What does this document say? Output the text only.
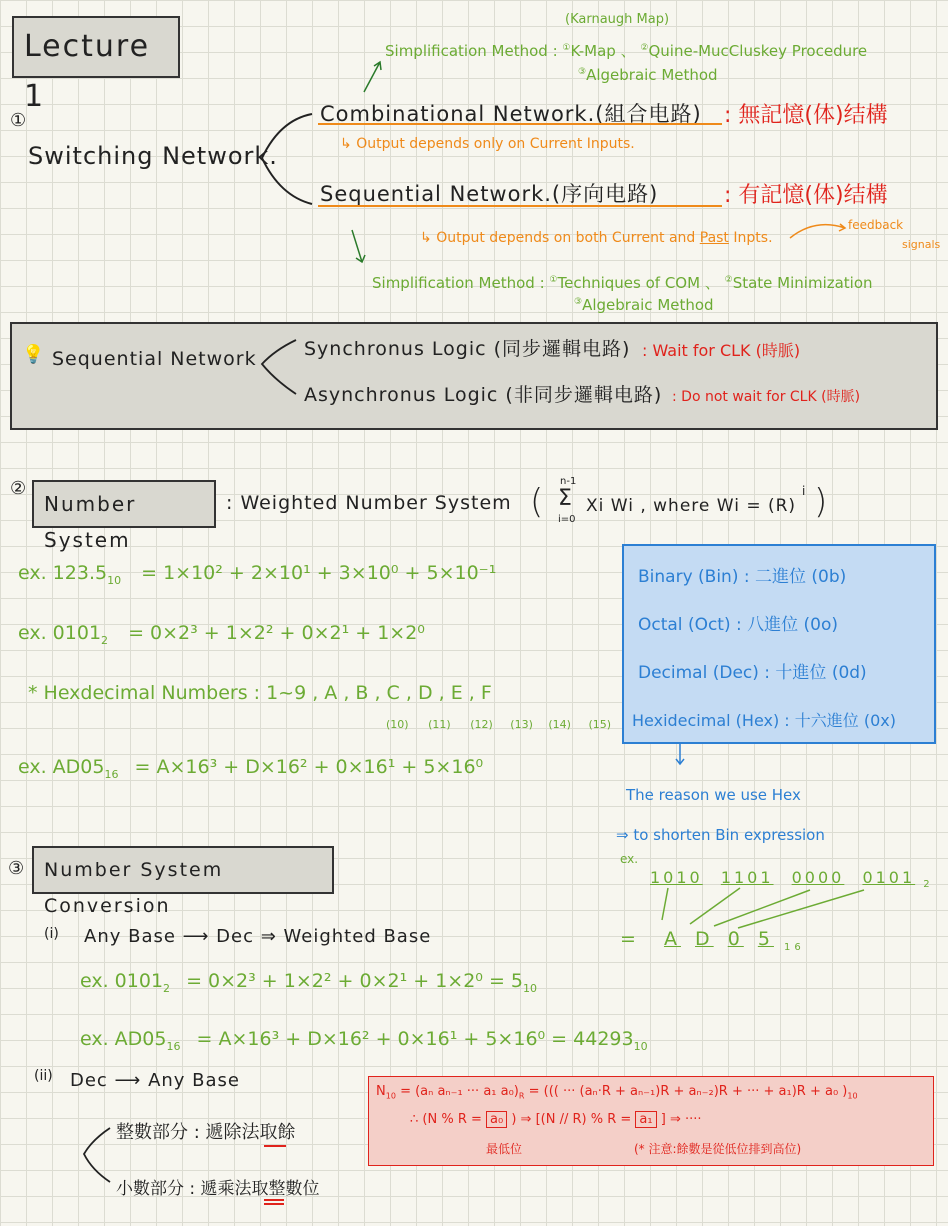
Lecture 1
①
Switching Network.
(Karnaugh Map)
Simplification Method : ①K-Map 、 ②Quine-MucCluskey Procedure
③Algebraic Method
Combinational Network.(組合电路) : 無記憶(体)结構
↳ Output depends only on Current Inputs.
Sequential Network.(序向电路)	: 有記憶(体)结構
feedback
signals
↳ Output depends on both Current and Past Inpts.
Simplification Method : ①Techniques of COM 、 ②State Minimization
③Algebraic Method
💡 Sequential Network Synchronus Logic (同步邏輯电路) : Wait for CLK (時脈)
Asynchronus Logic (非同步邏輯电路) : Do not wait for CLK (時脈)
②
Number System
: Weighted Number System (
n-1
Σ
i=0
Xi Wi , where Wi = (R)
i )
ex. $123.5_{10} = 1\times 10^2 + 2\times 10^1 + 3\times 10^0 + 5\times 10^{-1}$
ex. $0101_2 = 0\times 2^3 + 1\times 2^2 + 0\times 2^1 + 1\times 2^0$
* Hexdecimal Numbers : 1~9 , A , B , C , D , E , F
(10) (11) (12) (13) (14) (15)
ex. $AD05_{16} = A\times 16^3 + D\times 16^2 + 0\times 16^1 + 5\times 16^0$
Binary (Bin) : 二進位 (0b)
Octal (Oct) : 八進位 (0o)
Decimal (Dec) : 十進位 (0d)
Hexidecimal (Hex) : 十六進位 (0x)
The reason we use Hex
⇒ to shorten Bin expression
ex.
1010 1101 0000 0101 $_2$
= A D 0 5 $_{16}$
③	Number System Conversion
(i) Any Base ⟶ Dec ⇒ Weighted Base
ex. $0101_2 = 0\times 2^3 + 1\times 2^2 + 0\times 2^1 + 1\times 2^0 = 5_{10}$
ex. $AD05_{16} = A\times 16^3 + D\times 16^2 + 0\times 16^1 + 5\times 16^0 = 44293_{10}$
(ii) Dec ⟶ Any Base
整數部分 : 遞除法取餘
小數部分 : 遞乘法取整數位
$N_{10} = (a_n$ aₙ₋₁ ··· a₁ $a_0)_R$ = ((( ··· (aₙ·R + aₙ₋₁)R + aₙ₋₂)R + ··· + a₁)R + a₀ )$_{10}$
∴ (N % R = a₀ ) ⇒ [(N // R) % R = a₁ ] ⇒ ····
最低位	(* 注意:餘數是從低位排到高位)
